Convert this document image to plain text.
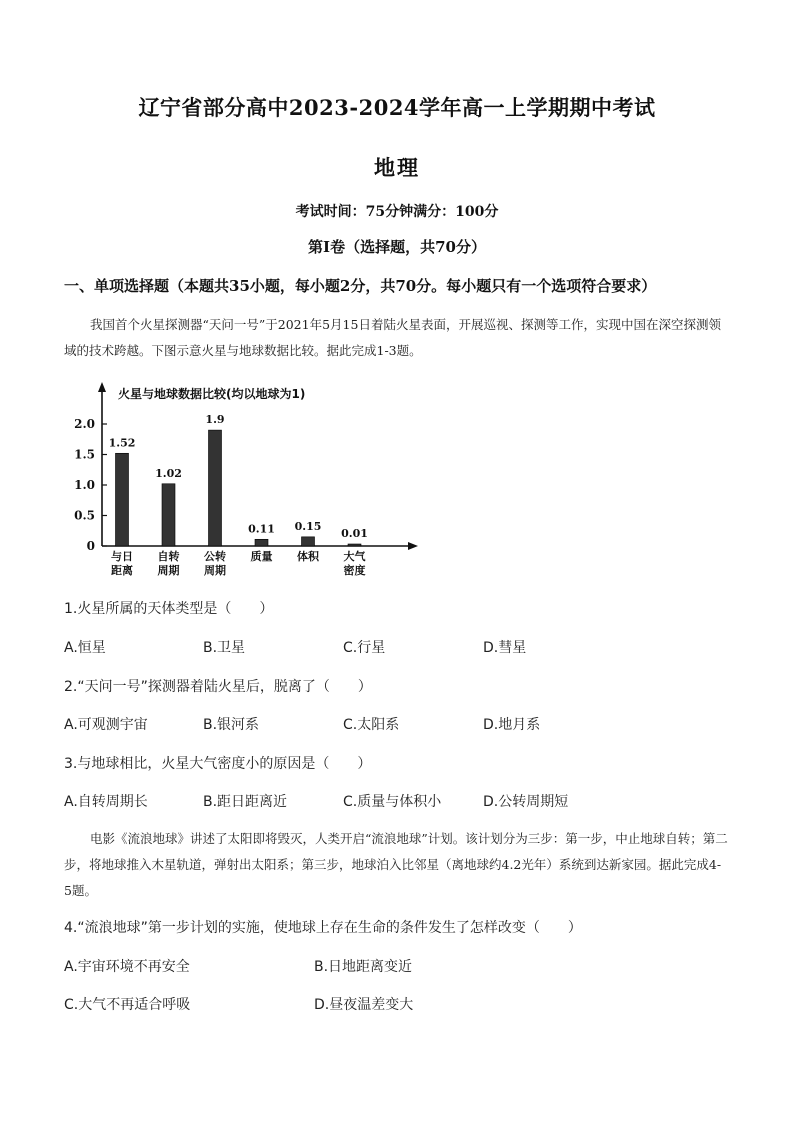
辽宁省部分高中2023-2024学年高一上学期期中考试
地理
考试时间：75分钟满分：100分
第Ⅰ卷（选择题，共70分）
一、单项选择题（本题共35小题，每小题2分，共70分。每小题只有一个选项符合要求）
我国首个火星探测器“天问一号”于2021年5月15日着陆火星表面，开展巡视、探测等工作，实现中国在深空探测领域的技术跨越。下图示意火星与地球数据比较。据此完成1-3题。
火星与地球数据比较(均以地球为1)
2.0
1.5
1.0
0.5
0
1.52
1.02
1.9
0.11 0.15
0.01
与日
距离
自转
周期
公转
周期
质量 体积 大气
密度
1.火星所属的天体类型是（　　）
A.恒星	B.卫星	C.行星	D.彗星
2.“天问一号”探测器着陆火星后，脱离了（　　）
A.可观测宇宙	B.银河系	C.太阳系	D.地月系
3.与地球相比，火星大气密度小的原因是（　　）
A.自转周期长	B.距日距离近	C.质量与体积小	D.公转周期短
电影《流浪地球》讲述了太阳即将毁灭，人类开启“流浪地球”计划。该计划分为三步：第一步，中止地球自转；第二步，将地球推入木星轨道，弹射出太阳系；第三步，地球泊入比邻星（离地球约4.2光年）系统到达新家园。据此完成4-5题。
4.“流浪地球”第一步计划的实施，使地球上存在生命的条件发生了怎样改变（　　）
A.宇宙环境不再安全	B.日地距离变近
C.大气不再适合呼吸	D.昼夜温差变大
